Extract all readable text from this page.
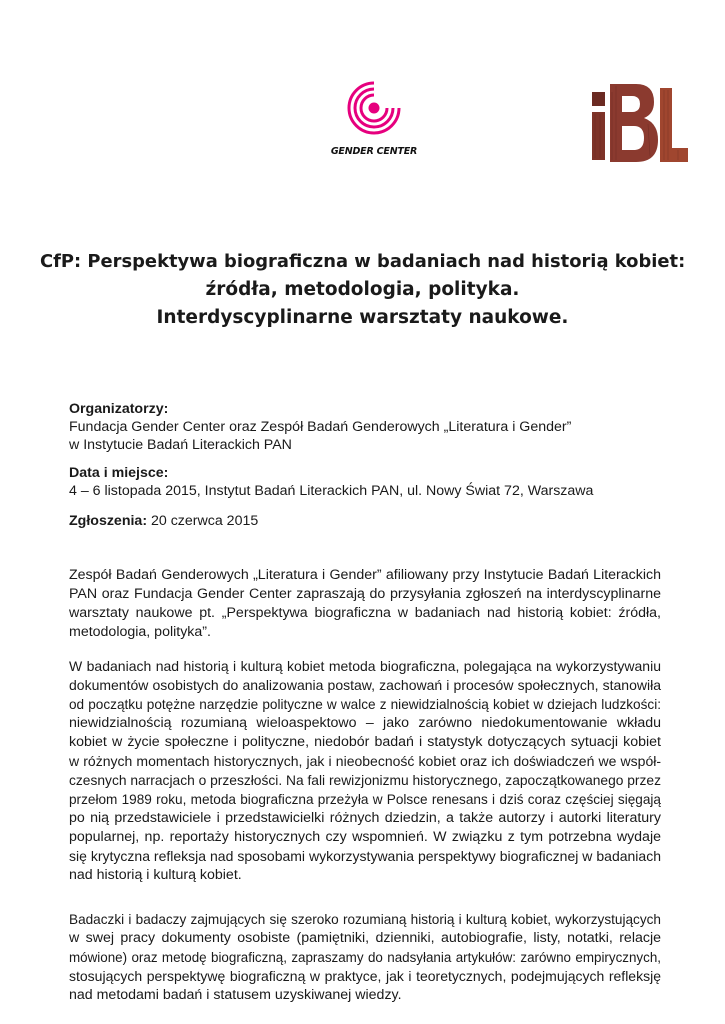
GENDER CENTER
CfP: Perspektywa biograficzna w badaniach nad historią kobiet:
źródła, metodologia, polityka.
Interdyscyplinarne warsztaty naukowe.
Organizatorzy:
Fundacja Gender Center oraz Zespół Badań Genderowych „Literatura i Gender”
w Instytucie Badań Literackich PAN
Data i miejsce:
4 – 6 listopada 2015, Instytut Badań Literackich PAN, ul. Nowy Świat 72, Warszawa
Zgłoszenia: 20 czerwca 2015
Zespół Badań Genderowych „Literatura i Gender” afiliowany przy Instytucie Badań Literackich
PAN oraz Fundacja Gender Center zapraszają do przysyłania zgłoszeń na interdyscyplinarne
warsztaty naukowe pt. „Perspektywa biograficzna w badaniach nad historią kobiet: źródła,
metodologia, polityka”.
W badaniach nad historią i kulturą kobiet metoda biograficzna, polegająca na wykorzystywaniu
dokumentów osobistych do analizowania postaw, zachowań i procesów społecznych, stanowiła
od początku potężne narzędzie polityczne w walce z niewidzialnością kobiet w dziejach ludzkości:
niewidzialnością rozumianą wieloaspektowo – jako zarówno niedokumentowanie wkładu
kobiet w życie społeczne i polityczne, niedobór badań i statystyk dotyczących sytuacji kobiet
w różnych momentach historycznych, jak i nieobecność kobiet oraz ich doświadczeń we współ-
czesnych narracjach o przeszłości. Na fali rewizjonizmu historycznego, zapoczątkowanego przez
przełom 1989 roku, metoda biograficzna przeżyła w Polsce renesans i dziś coraz częściej sięgają
po nią przedstawiciele i przedstawicielki różnych dziedzin, a także autorzy i autorki literatury
popularnej, np. reportaży historycznych czy wspomnień. W związku z tym potrzebna wydaje
się krytyczna refleksja nad sposobami wykorzystywania perspektywy biograficznej w badaniach
nad historią i kulturą kobiet.
Badaczki i badaczy zajmujących się szeroko rozumianą historią i kulturą kobiet, wykorzystujących
w swej pracy dokumenty osobiste (pamiętniki, dzienniki, autobiografie, listy, notatki, relacje
mówione) oraz metodę biograficzną, zapraszamy do nadsyłania artykułów: zarówno empirycznych,
stosujących perspektywę biograficzną w praktyce, jak i teoretycznych, podejmujących refleksję
nad metodami badań i statusem uzyskiwanej wiedzy.
